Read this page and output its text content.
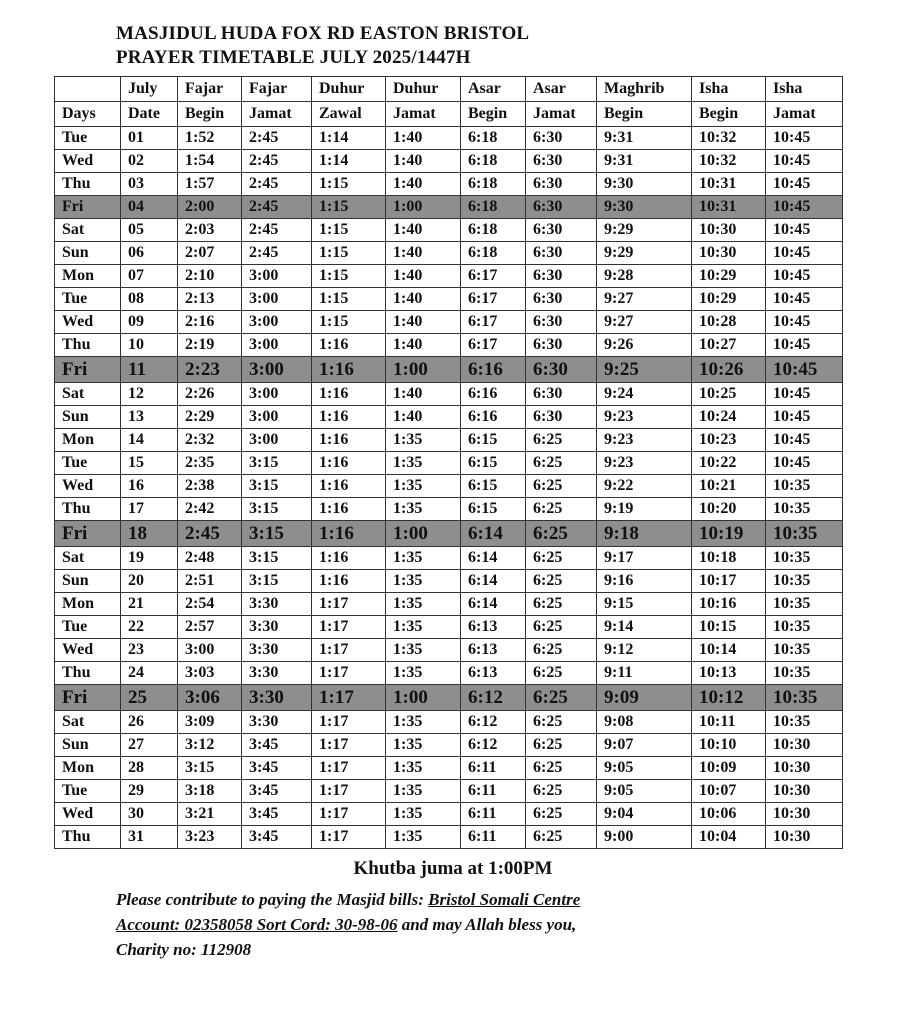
MASJIDUL HUDA FOX RD EASTON BRISTOL
PRAYER TIMETABLE JULY 2025/1447H
	July	Fajar	Fajar	Duhur	Duhur	Asar	Asar	Maghrib	Isha	Isha
Days	Date	Begin	Jamat	Zawal	Jamat	Begin	Jamat	Begin	Begin	Jamat
Tue	01	1:52	2:45	1:14	1:40	6:18	6:30	9:31	10:32	10:45
Wed	02	1:54	2:45	1:14	1:40	6:18	6:30	9:31	10:32	10:45
Thu	03	1:57	2:45	1:15	1:40	6:18	6:30	9:30	10:31	10:45
Fri	04	2:00	2:45	1:15	1:00	6:18	6:30	9:30	10:31	10:45
Sat	05	2:03	2:45	1:15	1:40	6:18	6:30	9:29	10:30	10:45
Sun	06	2:07	2:45	1:15	1:40	6:18	6:30	9:29	10:30	10:45
Mon	07	2:10	3:00	1:15	1:40	6:17	6:30	9:28	10:29	10:45
Tue	08	2:13	3:00	1:15	1:40	6:17	6:30	9:27	10:29	10:45
Wed	09	2:16	3:00	1:15	1:40	6:17	6:30	9:27	10:28	10:45
Thu	10	2:19	3:00	1:16	1:40	6:17	6:30	9:26	10:27	10:45
Fri	11	2:23	3:00	1:16	1:00	6:16	6:30	9:25	10:26	10:45
Sat	12	2:26	3:00	1:16	1:40	6:16	6:30	9:24	10:25	10:45
Sun	13	2:29	3:00	1:16	1:40	6:16	6:30	9:23	10:24	10:45
Mon	14	2:32	3:00	1:16	1:35	6:15	6:25	9:23	10:23	10:45
Tue	15	2:35	3:15	1:16	1:35	6:15	6:25	9:23	10:22	10:45
Wed	16	2:38	3:15	1:16	1:35	6:15	6:25	9:22	10:21	10:35
Thu	17	2:42	3:15	1:16	1:35	6:15	6:25	9:19	10:20	10:35
Fri	18	2:45	3:15	1:16	1:00	6:14	6:25	9:18	10:19	10:35
Sat	19	2:48	3:15	1:16	1:35	6:14	6:25	9:17	10:18	10:35
Sun	20	2:51	3:15	1:16	1:35	6:14	6:25	9:16	10:17	10:35
Mon	21	2:54	3:30	1:17	1:35	6:14	6:25	9:15	10:16	10:35
Tue	22	2:57	3:30	1:17	1:35	6:13	6:25	9:14	10:15	10:35
Wed	23	3:00	3:30	1:17	1:35	6:13	6:25	9:12	10:14	10:35
Thu	24	3:03	3:30	1:17	1:35	6:13	6:25	9:11	10:13	10:35
Fri	25	3:06	3:30	1:17	1:00	6:12	6:25	9:09	10:12	10:35
Sat	26	3:09	3:30	1:17	1:35	6:12	6:25	9:08	10:11	10:35
Sun	27	3:12	3:45	1:17	1:35	6:12	6:25	9:07	10:10	10:30
Mon	28	3:15	3:45	1:17	1:35	6:11	6:25	9:05	10:09	10:30
Tue	29	3:18	3:45	1:17	1:35	6:11	6:25	9:05	10:07	10:30
Wed	30	3:21	3:45	1:17	1:35	6:11	6:25	9:04	10:06	10:30
Thu	31	3:23	3:45	1:17	1:35	6:11	6:25	9:00	10:04	10:30
Khutba juma at 1:00PM
Please contribute to paying the Masjid bills: Bristol Somali Centre
Account: 02358058 Sort Cord: 30-98-06 and may Allah bless you,
Charity no: 112908
